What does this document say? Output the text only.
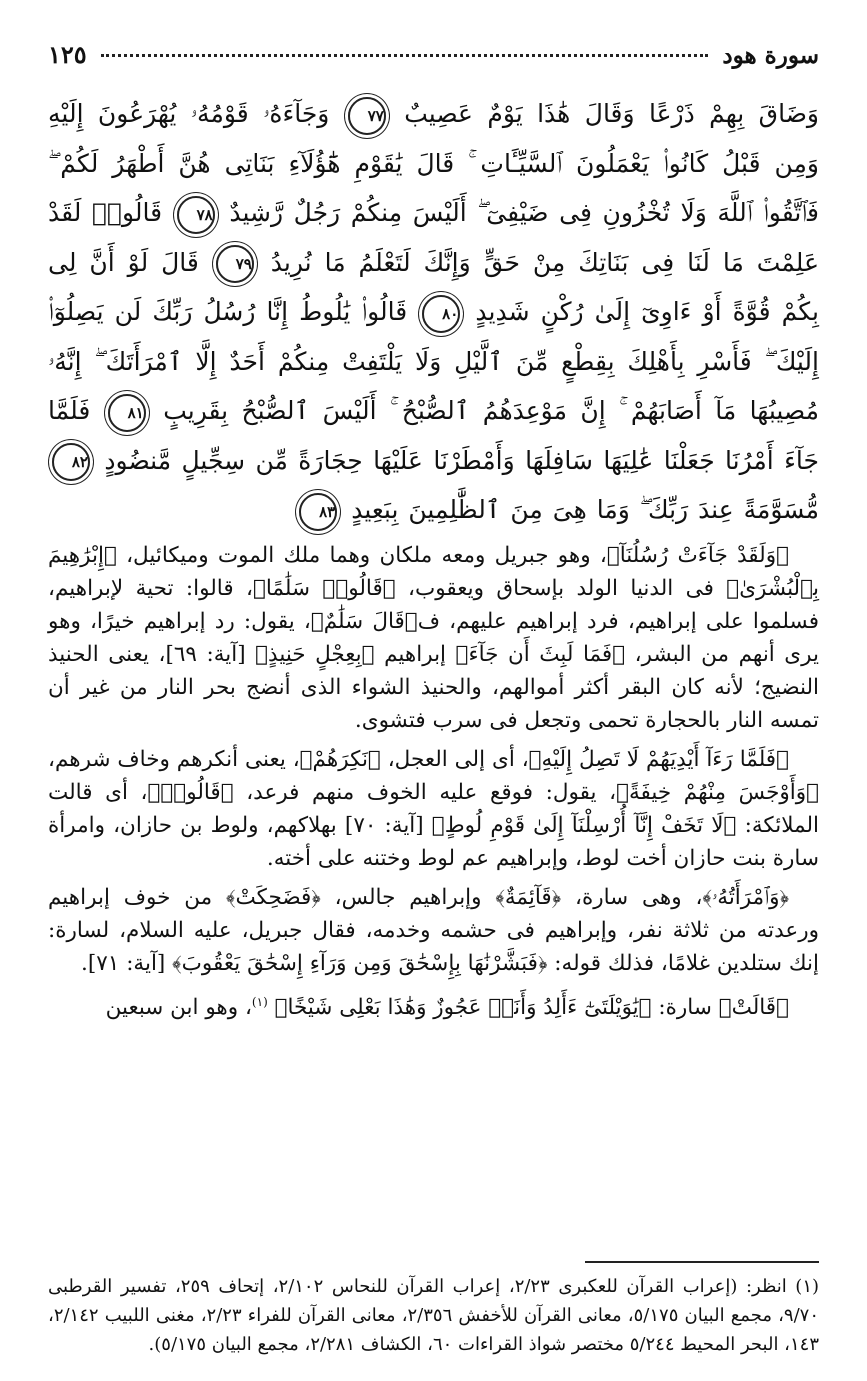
سورة هود
١٢٥
وَضَاقَ بِهِمْ ذَرْعًا وَقَالَ هَٰذَا يَوْمٌ عَصِيبٌ ٧٧ وَجَآءَهُۥ قَوْمُهُۥ يُهْرَعُونَ إِلَيْهِ وَمِن قَبْلُ كَانُوا۟ يَعْمَلُونَ ٱلسَّيِّـَٔاتِ ۚ قَالَ يَٰقَوْمِ هَٰٓؤُلَآءِ بَنَاتِى هُنَّ أَطْهَرُ لَكُمْ ۖ فَٱتَّقُوا۟ ٱللَّهَ وَلَا تُخْزُونِ فِى ضَيْفِىٓ ۖ أَلَيْسَ مِنكُمْ رَجُلٌ رَّشِيدٌ ٧٨ قَالُوا۟ لَقَدْ عَلِمْتَ مَا لَنَا فِى بَنَاتِكَ مِنْ حَقٍّ وَإِنَّكَ لَتَعْلَمُ مَا نُرِيدُ ٧٩ قَالَ لَوْ أَنَّ لِى بِكُمْ قُوَّةً أَوْ ءَاوِىٓ إِلَىٰ رُكْنٍ شَدِيدٍ ٨٠ قَالُوا۟ يَٰلُوطُ إِنَّا رُسُلُ رَبِّكَ لَن يَصِلُوٓا۟ إِلَيْكَ ۖ فَأَسْرِ بِأَهْلِكَ بِقِطْعٍ مِّنَ ٱلَّيْلِ وَلَا يَلْتَفِتْ مِنكُمْ أَحَدٌ إِلَّا ٱمْرَأَتَكَ ۖ إِنَّهُۥ مُصِيبُهَا مَآ أَصَابَهُمْ ۚ إِنَّ مَوْعِدَهُمُ ٱلصُّبْحُ ۚ أَلَيْسَ ٱلصُّبْحُ بِقَرِيبٍ ٨١ فَلَمَّا جَآءَ أَمْرُنَا جَعَلْنَا عَٰلِيَهَا سَافِلَهَا وَأَمْطَرْنَا عَلَيْهَا حِجَارَةً مِّن سِجِّيلٍ مَّنضُودٍ ٨٢ مُّسَوَّمَةً عِندَ رَبِّكَ ۖ وَمَا هِىَ مِنَ ٱلظَّٰلِمِينَ بِبَعِيدٍ ٨٣

﴿وَلَقَدْ جَآءَتْ رُسُلُنَآ﴾، وهو جبريل ومعه ملكان وهما ملك الموت وميكائيل، ﴿إِبْرَٰهِيمَ بِٱلْبُشْرَىٰ﴾ فى الدنيا الولد بإسحاق ويعقوب، ﴿قَالُوا۟ سَلَٰمًا﴾، قالوا: تحية لإبراهيم، فسلموا على إبراهيم، فرد إبراهيم عليهم، ف﴿قَالَ سَلَٰمٌ﴾، يقول: رد إبراهيم خيرًا، وهو يرى أنهم من البشر، ﴿فَمَا لَبِثَ أَن جَآءَ﴾ إبراهيم ﴿بِعِجْلٍ حَنِيذٍ﴾ [آية: ٦٩]، يعنى الحنيذ النضيج؛ لأنه كان البقر أكثر أموالهم، والحنيذ الشواء الذى أنضج بحر النار من غير أن تمسه النار بالحجارة تحمى وتجعل فى سرب فتشوى.

﴿فَلَمَّا رَءَآ أَيْدِيَهُمْ لَا تَصِلُ إِلَيْهِ﴾، أى إلى العجل، ﴿نَكِرَهُمْ﴾، يعنى أنكرهم وخاف شرهم، ﴿وَأَوْجَسَ مِنْهُمْ خِيفَةً﴾، يقول: فوقع عليه الخوف منهم فرعد، ﴿قَالُوا۟﴾، أى قالت الملائكة: ﴿لَا تَخَفْ إِنَّآ أُرْسِلْنَآ إِلَىٰ قَوْمِ لُوطٍ﴾ [آية: ٧٠] بهلاكهم، ولوط بن حازان، وامرأة سارة بنت حازان أخت لوط، وإبراهيم عم لوط وختنه على أخته.

﴿وَٱمْرَأَتُهُۥ﴾، وهى سارة، ﴿قَآئِمَةٌ﴾ وإبراهيم جالس، ﴿فَضَحِكَتْ﴾ من خوف إبراهيم ورعدته من ثلاثة نفر، وإبراهيم فى حشمه وخدمه، فقال جبريل، عليه السلام، لسارة: إنك ستلدين غلامًا، فذلك قوله: ﴿فَبَشَّرْنَٰهَا بِإِسْحَٰقَ وَمِن وَرَآءِ إِسْحَٰقَ يَعْقُوبَ﴾ [آية: ٧١].

﴿قَالَتْ﴾ سارة: ﴿يَٰوَيْلَتَىٰٓ ءَأَلِدُ وَأَنَا۠ عَجُوزٌ وَهَٰذَا بَعْلِى شَيْخًا﴾ $^{(١)}$، وهو ابن سبعين

(١) انظر: (إعراب القرآن للعكبرى ٢/٢٣، إعراب القرآن للنحاس ٢/١٠٢، إتحاف ٢٥٩، تفسير القرطبى ٩/٧٠، مجمع البيان ٥/١٧٥، معانى القرآن للأخفش ٢/٣٥٦، معانى القرآن للفراء ٢/٢٣، مغنى اللبيب ٢/١٤٢، ١٤٣، البحر المحيط ٥/٢٤٤ مختصر شواذ القراءات ٦٠، الكشاف ٢/٢٨١، مجمع البيان ٥/١٧٥).
